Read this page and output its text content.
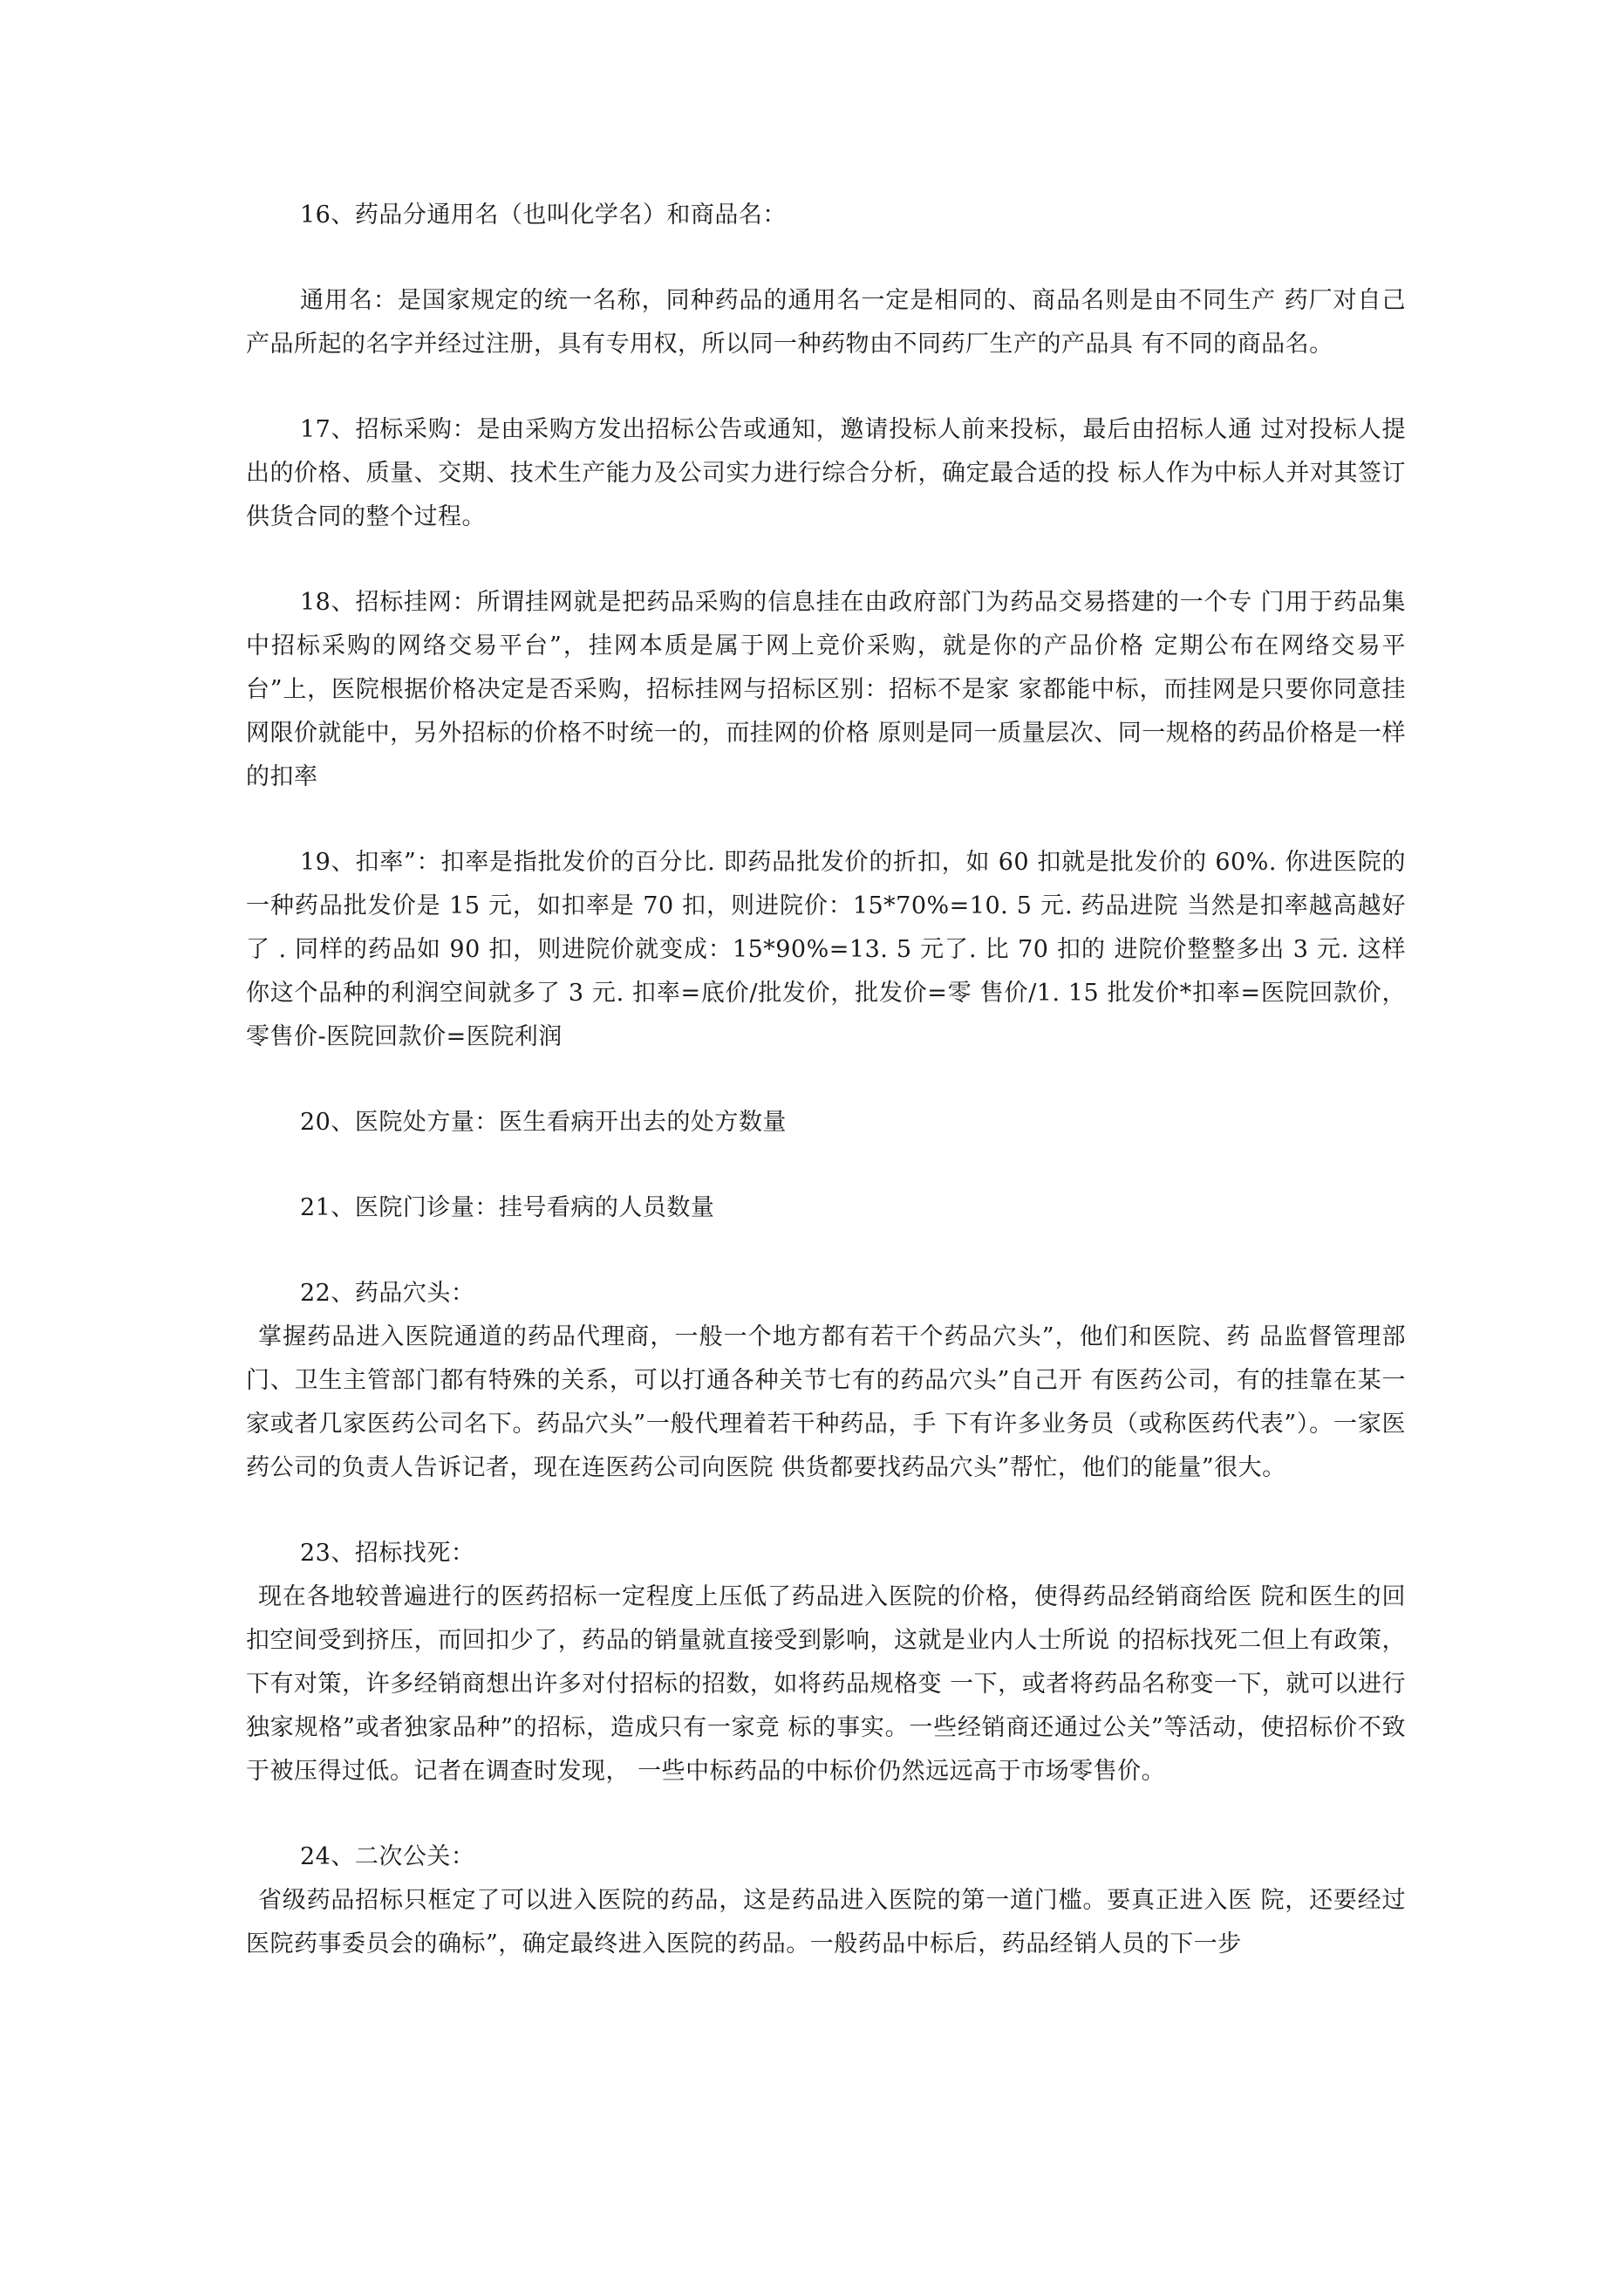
16、药品分通用名（也叫化学名）和商品名：

通用名：是国家规定的统一名称，同种药品的通用名一定是相同的、商品名则是由不同生产 药厂对自己产品所起的名字并经过注册，具有专用权，所以同一种药物由不同药厂生产的产品具 有不同的商品名。

17、招标采购：是由采购方发出招标公告或通知，邀请投标人前来投标，最后由招标人通 过对投标人提出的价格、质量、交期、技术生产能力及公司实力进行综合分析，确定最合适的投 标人作为中标人并对其签订供货合同的整个过程。

18、招标挂网：所谓挂网就是把药品采购的信息挂在由政府部门为药品交易搭建的一个专 门用于药品集中招标采购的网络交易平台”，挂网本质是属于网上竞价采购，就是你的产品价格 定期公布在网络交易平台”上，医院根据价格决定是否采购，招标挂网与招标区别：招标不是家 家都能中标，而挂网是只要你同意挂网限价就能中，另外招标的价格不时统一的，而挂网的价格 原则是同一质量层次、同一规格的药品价格是一样的扣率

19、扣率”：扣率是指批发价的百分比. 即药品批发价的折扣，如 60 扣就是批发价的 60%. 你进医院的一种药品批发价是 15 元，如扣率是 70 扣，则进院价：15*70%=10. 5 元. 药品进院 当然是扣率越高越好了 . 同样的药品如 90 扣，则进院价就变成：15*90%=13. 5 元了. 比 70 扣的 进院价整整多出 3 元. 这样你这个品种的利润空间就多了 3 元. 扣率=底价/批发价，批发价=零 售价/1. 15 批发价*扣率=医院回款价，零售价-医院回款价=医院利润

20、医院处方量：医生看病开出去的处方数量

21、医院门诊量：挂号看病的人员数量

22、药品穴头：

掌握药品进入医院通道的药品代理商，一般一个地方都有若干个药品穴头”，他们和医院、药 品监督管理部门、卫生主管部门都有特殊的关系，可以打通各种关节七有的药品穴头”自己开 有医药公司，有的挂靠在某一家或者几家医药公司名下。药品穴头”一般代理着若干种药品，手 下有许多业务员（或称医药代表”）。一家医药公司的负责人告诉记者，现在连医药公司向医院 供货都要找药品穴头”帮忙，他们的能量”很大。

23、招标找死：

现在各地较普遍进行的医药招标一定程度上压低了药品进入医院的价格，使得药品经销商给医 院和医生的回扣空间受到挤压，而回扣少了，药品的销量就直接受到影响，这就是业内人士所说 的招标找死二但上有政策，下有对策，许多经销商想出许多对付招标的招数，如将药品规格变 一下，或者将药品名称变一下，就可以进行独家规格”或者独家品种”的招标，造成只有一家竞 标的事实。一些经销商还通过公关”等活动，使招标价不致于被压得过低。记者在调查时发现， 一些中标药品的中标价仍然远远高于市场零售价。

24、二次公关：

省级药品招标只框定了可以进入医院的药品，这是药品进入医院的第一道门槛。要真正进入医 院，还要经过医院药事委员会的确标”，确定最终进入医院的药品。一般药品中标后，药品经销人员的下一步
